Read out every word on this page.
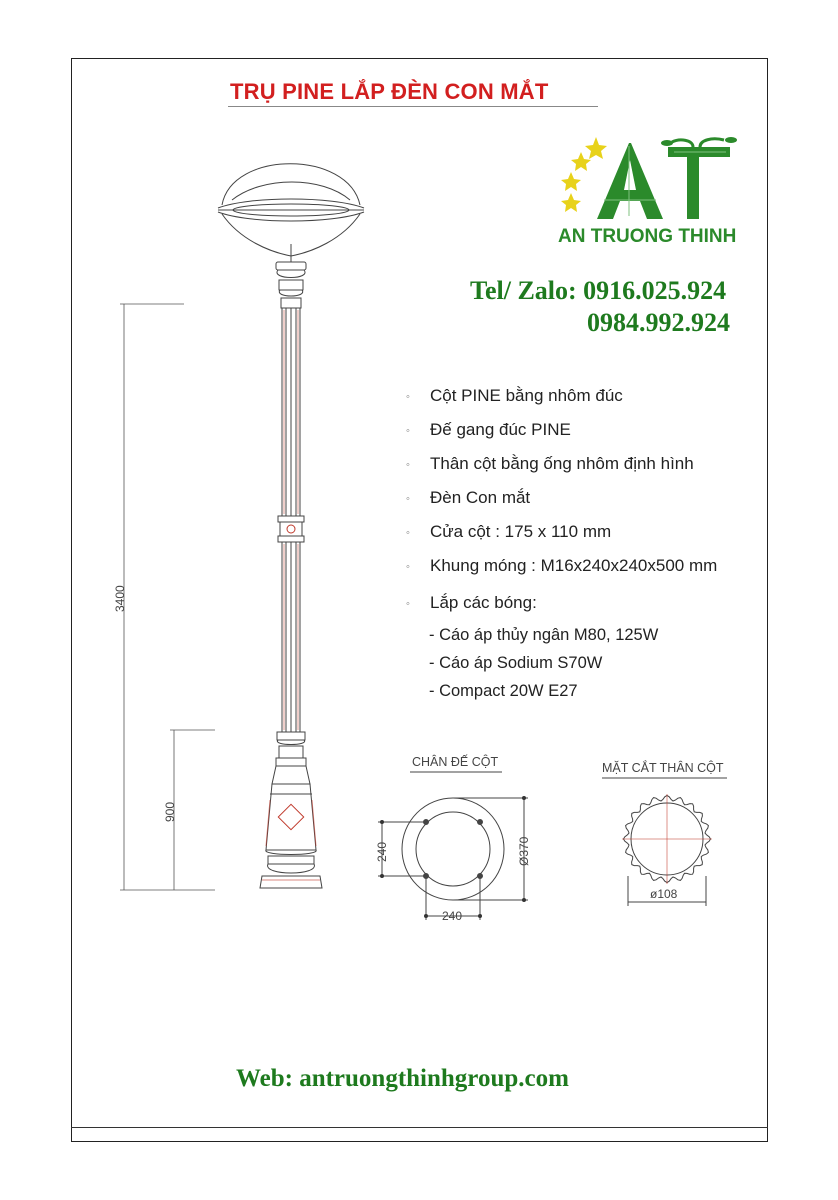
TRỤ PINE LẮP ĐÈN CON MẮT
AN TRUONG THINH
Tel/ Zalo: 0916.025.924
0984.992.924
◦ Cột PINE bằng nhôm đúc
◦ Đế gang đúc PINE
◦ Thân cột bằng ống nhôm định hình
◦ Đèn Con mắt
◦ Cửa cột : 175 x 110 mm
◦ Khung móng : M16x240x240x500 mm
◦ Lắp các bóng:
- Cáo áp thủy ngân M80, 125W
- Cáo áp Sodium S70W
- Compact 20W E27
3400
900
CHÂN ĐẾ CỘT
240
240
Ø370
MẶT CẮT THÂN CỘT
ø108
Web: antruongthinhgroup.com
